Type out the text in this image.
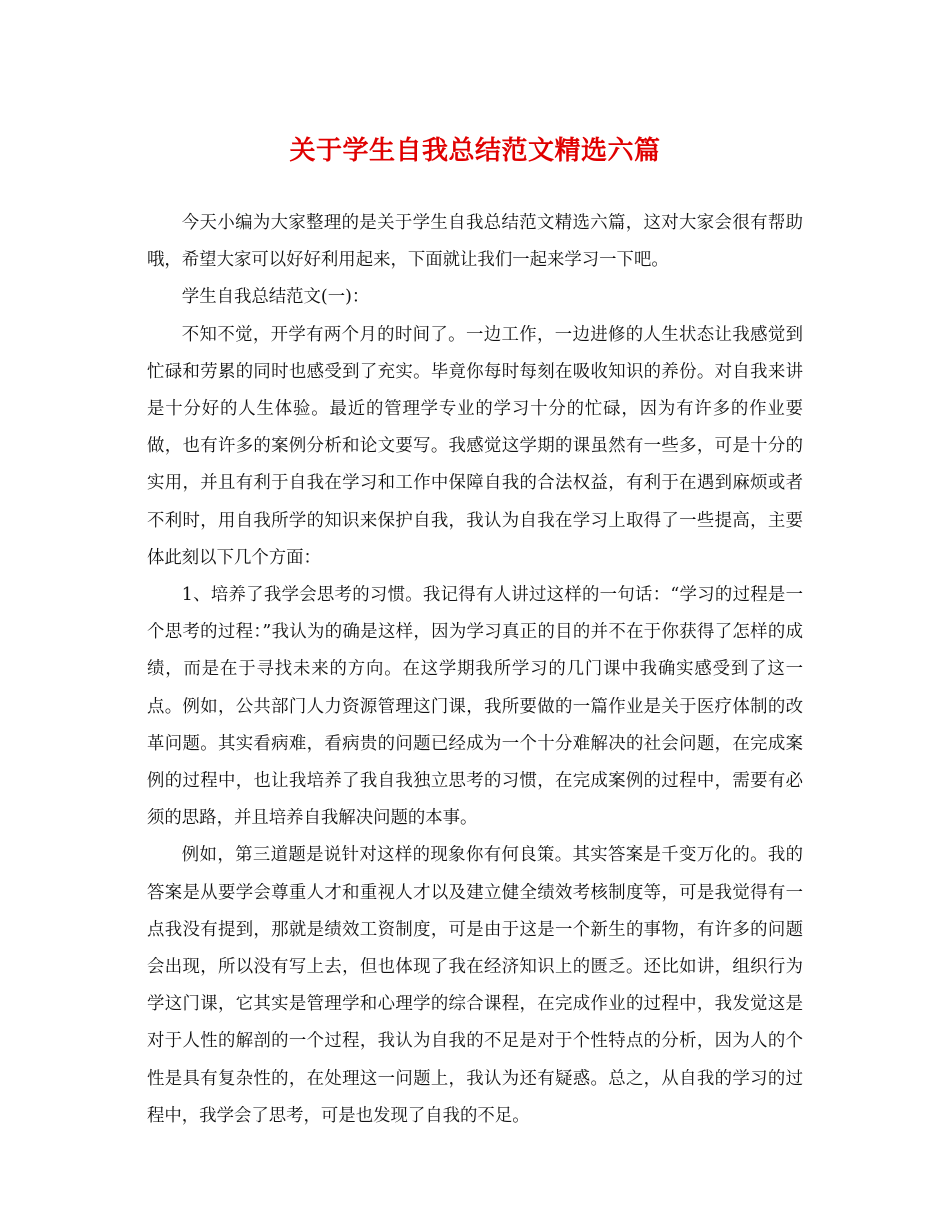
关于学生自我总结范文精选六篇

今天小编为大家整理的是关于学生自我总结范文精选六篇，这对大家会很有帮助哦，希望大家可以好好利用起来，下面就让我们一起来学习一下吧。

学生自我总结范文(一)：

不知不觉，开学有两个月的时间了。一边工作，一边进修的人生状态让我感觉到忙碌和劳累的同时也感受到了充实。毕竟你每时每刻在吸收知识的养份。对自我来讲是十分好的人生体验。最近的管理学专业的学习十分的忙碌，因为有许多的作业要做，也有许多的案例分析和论文要写。我感觉这学期的课虽然有一些多，可是十分的实用，并且有利于自我在学习和工作中保障自我的合法权益，有利于在遇到麻烦或者不利时，用自我所学的知识来保护自我，我认为自我在学习上取得了一些提高，主要体此刻以下几个方面：

1、培养了我学会思考的习惯。我记得有人讲过这样的一句话：“学习的过程是一个思考的过程：”我认为的确是这样，因为学习真正的目的并不在于你获得了怎样的成绩，而是在于寻找未来的方向。在这学期我所学习的几门课中我确实感受到了这一点。例如，公共部门人力资源管理这门课，我所要做的一篇作业是关于医疗体制的改革问题。其实看病难，看病贵的问题已经成为一个十分难解决的社会问题，在完成案例的过程中，也让我培养了我自我独立思考的习惯，在完成案例的过程中，需要有必须的思路，并且培养自我解决问题的本事。

例如，第三道题是说针对这样的现象你有何良策。其实答案是千变万化的。我的答案是从要学会尊重人才和重视人才以及建立健全绩效考核制度等，可是我觉得有一点我没有提到，那就是绩效工资制度，可是由于这是一个新生的事物，有许多的问题会出现，所以没有写上去，但也体现了我在经济知识上的匮乏。还比如讲，组织行为学这门课，它其实是管理学和心理学的综合课程，在完成作业的过程中，我发觉这是对于人性的解剖的一个过程，我认为自我的不足是对于个性特点的分析，因为人的个性是具有复杂性的，在处理这一问题上，我认为还有疑惑。总之，从自我的学习的过程中，我学会了思考，可是也发现了自我的不足。
